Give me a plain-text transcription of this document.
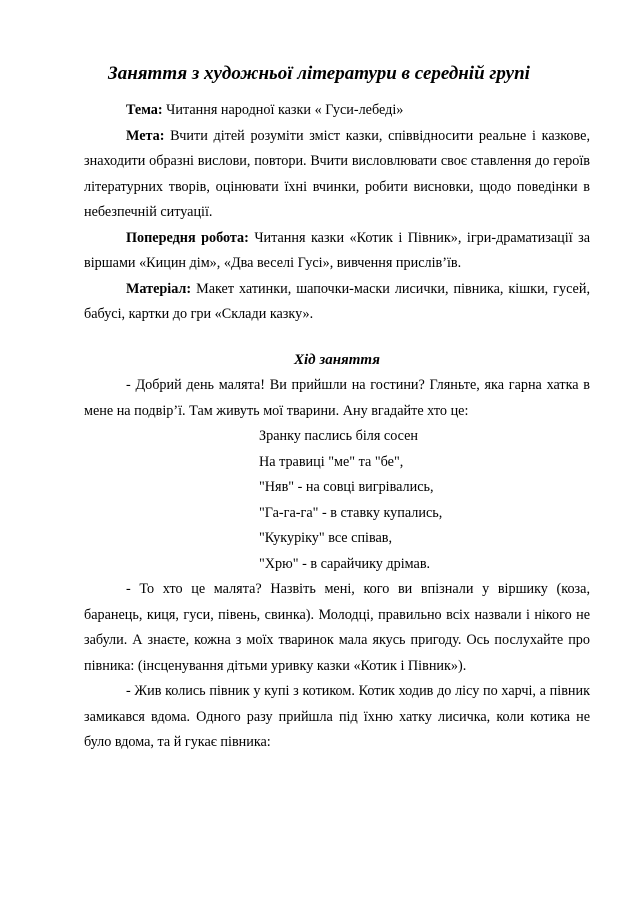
Заняття з художньої літератури в середній групі

Тема: Читання народної казки « Гуси-лебеді»

Мета: Вчити дітей розуміти зміст казки, співвідносити реальне і казкове, знаходити образні вислови, повтори. Вчити висловлювати своє ставлення до героїв літературних творів, оцінювати їхні вчинки, робити висновки, щодо поведінки в небезпечній ситуації.

Попередня робота: Читання казки «Котик і Півник», ігри-драматизації за віршами «Кицин дім», «Два веселі Гусі», вивчення прислів’їв.

Матеріал: Макет хатинки, шапочки-маски лисички, півника, кішки, гусей, бабусі, картки до гри «Склади казку».

Хід заняття

- Добрий день малята! Ви прийшли на гостини? Гляньте, яка гарна хатка в мене на подвір’ї. Там живуть мої тварини. Ану вгадайте хто це:

Зранку паслись біля сосен
На травиці "ме" та "бе",
"Няв" - на совці вигрівались,
"Га-га-га" - в ставку купались,
"Кукуріку" все співав,
"Хрю" - в сарайчику дрімав.

- То хто це малята? Назвіть мені, кого ви впізнали у віршику (коза, баранець, киця, гуси, півень, свинка). Молодці, правильно всіх назвали і нікого не забули. А знаєте, кожна з моїх тваринок мала якусь пригоду. Ось послухайте про півника: (інсценування дітьми уривку казки «Котик і Півник»).

- Жив колись півник у купі з котиком. Котик ходив до лісу по харчі, а півник замикався вдома. Одного разу прийшла під їхню хатку лисичка, коли котика не було вдома, та й гукає півника:
